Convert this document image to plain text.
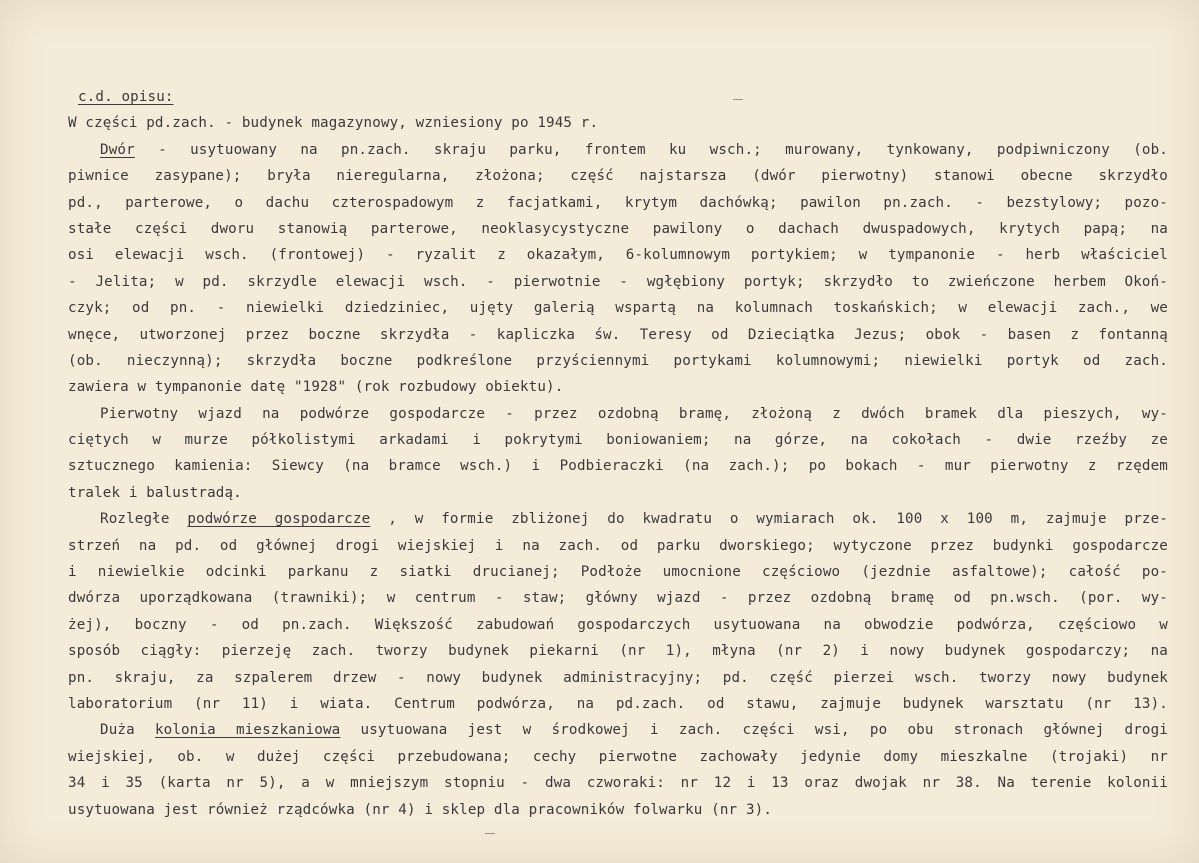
c.d. opisu:
W części pd.zach. - budynek magazynowy, wzniesiony po 1945 r.
Dwór - usytuowany na pn.zach. skraju parku, frontem ku wsch.; murowany, tynkowany, podpiwniczony (ob.
piwnice zasypane); bryła nieregularna, złożona; część najstarsza (dwór pierwotny) stanowi obecne skrzydło
pd., parterowe, o dachu czterospadowym z facjatkami, krytym dachówką; pawilon pn.zach. - bezstylowy; pozo-
stałe części dworu stanowią parterowe, neoklasycystyczne pawilony o dachach dwuspadowych, krytych papą; na
osi elewacji wsch. (frontowej) - ryzalit z okazałym, 6-kolumnowym portykiem; w tympanonie - herb właściciel
- Jelita; w pd. skrzydle elewacji wsch. - pierwotnie - wgłębiony portyk; skrzydło to zwieńczone herbem Okoń-
czyk; od pn. - niewielki dziedziniec, ujęty galerią wspartą na kolumnach toskańskich; w elewacji zach., we
wnęce, utworzonej przez boczne skrzydła - kapliczka św. Teresy od Dzieciątka Jezus; obok - basen z fontanną
(ob. nieczynną); skrzydła boczne podkreślone przyściennymi portykami kolumnowymi; niewielki portyk od zach.
zawiera w tympanonie datę "1928" (rok rozbudowy obiektu).
Pierwotny wjazd na podwórze gospodarcze - przez ozdobną bramę, złożoną z dwóch bramek dla pieszych, wy-
ciętych w murze półkolistymi arkadami i pokrytymi boniowaniem; na górze, na cokołach - dwie rzeźby ze
sztucznego kamienia: Siewcy (na bramce wsch.) i Podbieraczki (na zach.); po bokach - mur pierwotny z rzędem
tralek i balustradą.
Rozległe podwórze gospodarcze , w formie zbliżonej do kwadratu o wymiarach ok. 100 x 100 m, zajmuje prze-
strzeń na pd. od głównej drogi wiejskiej i na zach. od parku dworskiego; wytyczone przez budynki gospodarcze
i niewielkie odcinki parkanu z siatki drucianej; Podłoże umocnione częściowo (jezdnie asfaltowe); całość po-
dwórza uporządkowana (trawniki); w centrum - staw; główny wjazd - przez ozdobną bramę od pn.wsch. (por. wy-
żej), boczny - od pn.zach. Większość zabudowań gospodarczych usytuowana na obwodzie podwórza, częściowo w
sposób ciągły: pierzeję zach. tworzy budynek piekarni (nr 1), młyna (nr 2) i nowy budynek gospodarczy; na
pn. skraju, za szpalerem drzew - nowy budynek administracyjny; pd. część pierzei wsch. tworzy nowy budynek
laboratorium (nr 11) i wiata. Centrum podwórza, na pd.zach. od stawu, zajmuje budynek warsztatu (nr 13).
Duża kolonia mieszkaniowa usytuowana jest w środkowej i zach. części wsi, po obu stronach głównej drogi
wiejskiej, ob. w dużej części przebudowana; cechy pierwotne zachowały jedynie domy mieszkalne (trojaki) nr
34 i 35 (karta nr 5), a w mniejszym stopniu - dwa czworaki: nr 12 i 13 oraz dwojak nr 38. Na terenie kolonii
usytuowana jest również rządcówka (nr 4) i sklep dla pracowników folwarku (nr 3).
